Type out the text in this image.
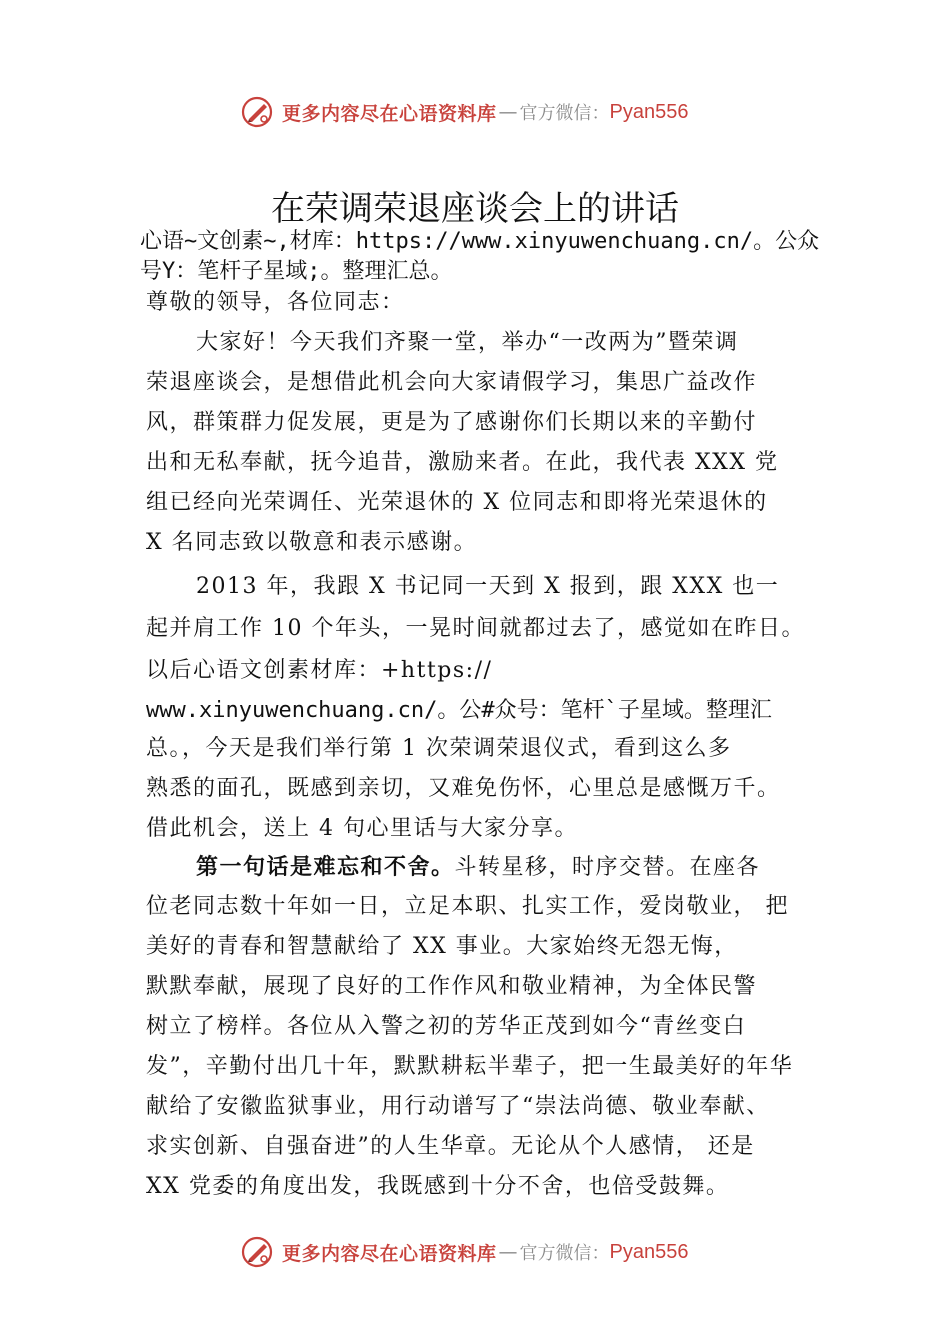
更多内容尽在心语资料库 — 官方微信： Pyan556
在荣调荣退座谈会上的讲话

心语~文创素~,材库：https://www.xinyuwenchuang.cn/。公众

号Y：笔杆子星域;。整理汇总。

尊敬的领导，各位同志：

大家好！今天我们齐聚一堂，举办“一改两为”暨荣调

荣退座谈会，是想借此机会向大家请假学习，集思广益改作

风，群策群力促发展，更是为了感谢你们长期以来的辛勤付

出和无私奉献，抚今追昔，激励来者。在此，我代表 XXX 党

组已经向光荣调任、光荣退休的 X 位同志和即将光荣退休的

X 名同志致以敬意和表示感谢。

2013 年，我跟 X 书记同一天到 X 报到，跟 XXX 也一

起并肩工作 10 个年头，一晃时间就都过去了，感觉如在昨日。

以后心语文创素材库：+https://

www.xinyuwenchuang.cn/。公#众号：笔杆`子星域。整理汇

总。，今天是我们举行第 1 次荣调荣退仪式，看到这么多

熟悉的面孔，既感到亲切，又难免伤怀，心里总是感慨万千。

借此机会，送上 4 句心里话与大家分享。

第一句话是难忘和不舍。斗转星移，时序交替。在座各

位老同志数十年如一日，立足本职、扎实工作，爱岗敬业， 把

美好的青春和智慧献给了 XX 事业。大家始终无怨无悔，

默默奉献，展现了良好的工作作风和敬业精神，为全体民警

树立了榜样。各位从入警之初的芳华正茂到如今“青丝变白

发”，辛勤付出几十年，默默耕耘半辈子，把一生最美好的年华

献给了安徽监狱事业，用行动谱写了“崇法尚德、敬业奉献、

求实创新、自强奋进”的人生华章。无论从个人感情， 还是

XX 党委的角度出发，我既感到十分不舍，也倍受鼓舞。

更多内容尽在心语资料库 — 官方微信： Pyan556
